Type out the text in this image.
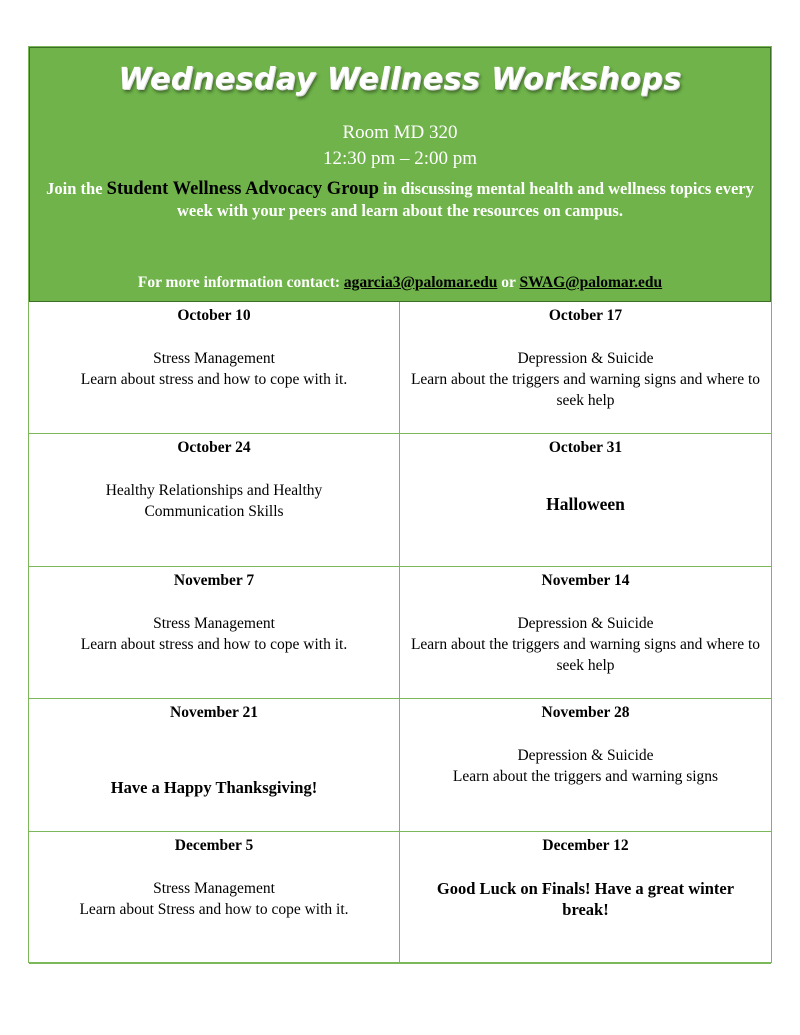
Wednesday Wellness Workshops
Room MD 320
12:30 pm – 2:00 pm
Join the Student Wellness Advocacy Group in discussing mental health and wellness topics every week with your peers and learn about the resources on campus.
For more information contact: agarcia3@palomar.edu or SWAG@palomar.edu
October 10
Stress Management
Learn about stress and how to cope with it.
October 17
Depression & Suicide
Learn about the triggers and warning signs and where to seek help
October 24
Healthy Relationships and Healthy Communication Skills
October 31
Halloween
November 7
Stress Management
Learn about stress and how to cope with it.
November 14
Depression & Suicide
Learn about the triggers and warning signs and where to seek help
November 21
Have a Happy Thanksgiving!
November 28
Depression & Suicide
Learn about the triggers and warning signs
December 5
Stress Management
Learn about Stress and how to cope with it.
December 12
Good Luck on Finals! Have a great winter break!
